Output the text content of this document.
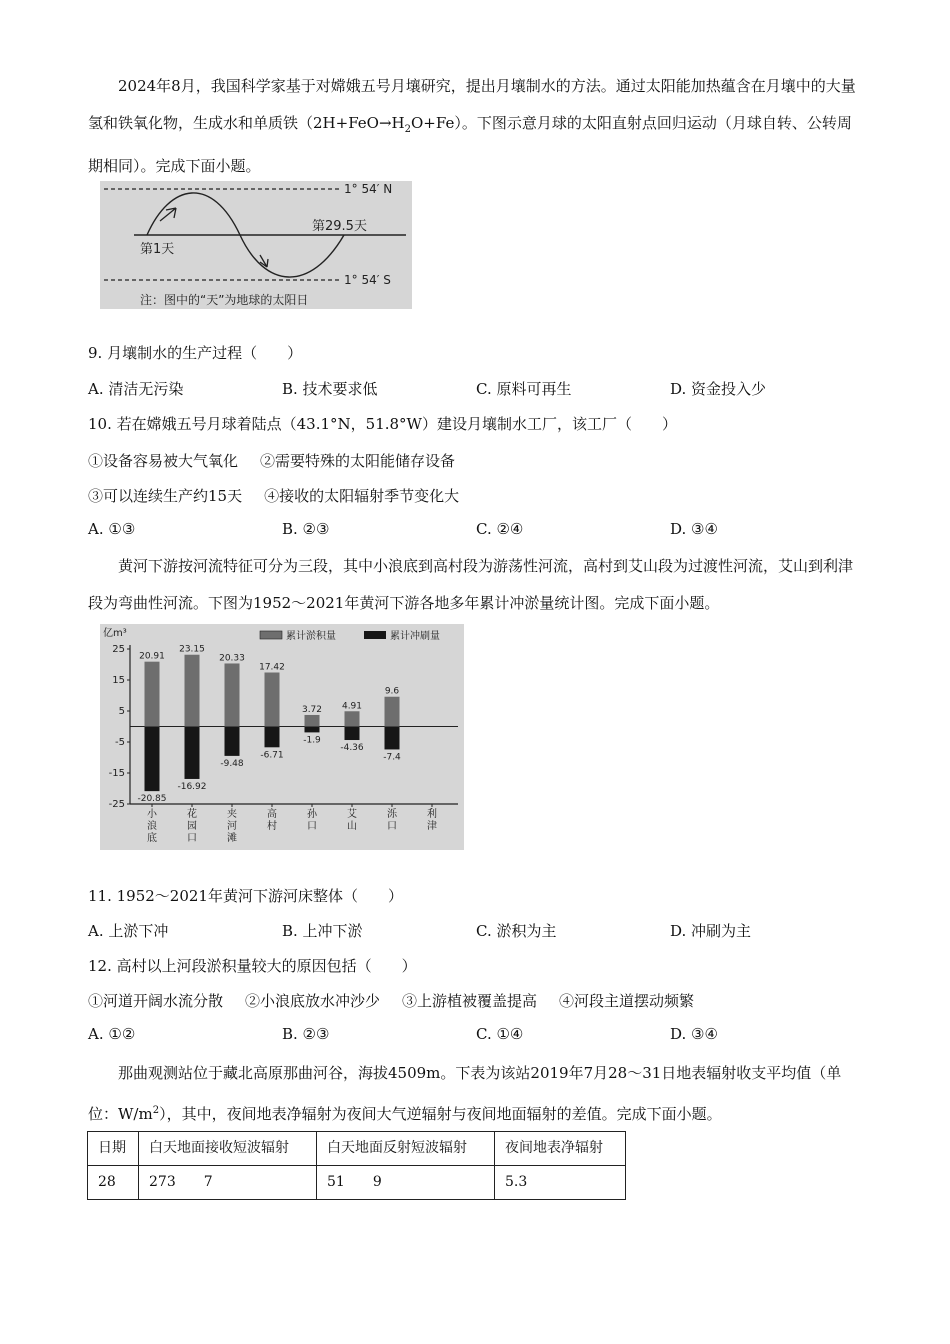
2024年8月，我国科学家基于对嫦娥五号月壤研究，提出月壤制水的方法。通过太阳能加热蕴含在月壤中的大量氢和铁氧化物，生成水和单质铁$(2H+FeO\to H_2O+Fe)$。下图示意月球的太阳直射点回归运动（月球自转、公转周期相同）。完成下面小题。
1° 54′ N
1° 54′ S
第1天
第29.5天
注：图中的“天”为地球的太阳日
9. 月壤制水的生产过程（　　）
A. 清洁无污染	B. 技术要求低	C. 原料可再生	D. 资金投入少
10. 若在嫦娥五号月球着陆点（43.1°N，51.8°W）建设月壤制水工厂，该工厂（　　）
①设备容易被大气氧化 ②需要特殊的太阳能储存设备
③可以连续生产约15天 ④接收的太阳辐射季节变化大
A. ①③	B. ②③	C. ②④	D. ③④
黄河下游按河流特征可分为三段，其中小浪底到高村段为游荡性河流，高村到艾山段为过渡性河流，艾山到利津段为弯曲性河流。下图为1952～2021年黄河下游各地多年累计冲淤量统计图。完成下面小题。
亿m³	累计淤积量	累计冲刷量
25
15
5
-5
-15
-25
20.91
-20.85
23.15
-16.92
20.33
-9.48
17.42
-6.71
3.72
-1.9
4.91
-4.36
9.6
-7.4
小浪底
花园口
夹河滩
高村
孙口
艾山
泺口
利津
11. 1952～2021年黄河下游河床整体（　　）
A. 上淤下冲	B. 上冲下淤	C. 淤积为主	D. 冲刷为主
12. 高村以上河段淤积量较大的原因包括（　　）
①河道开阔水流分散 ②小浪底放水冲沙少 ③上游植被覆盖提高 ④河段主道摆动频繁
A. ①②	B. ②③	C. ①④	D. ③④
那曲观测站位于藏北高原那曲河谷，海拔4509m。下表为该站2019年7月28～31日地表辐射收支平均值（单位：$W/m^2$），其中，夜间地表净辐射为夜间大气逆辐射与夜间地面辐射的差值。完成下面小题。
日期	白天地面接收短波辐射	白天地面反射短波辐射	夜间地表净辐射
28	273　　7	51　　9	5.3
